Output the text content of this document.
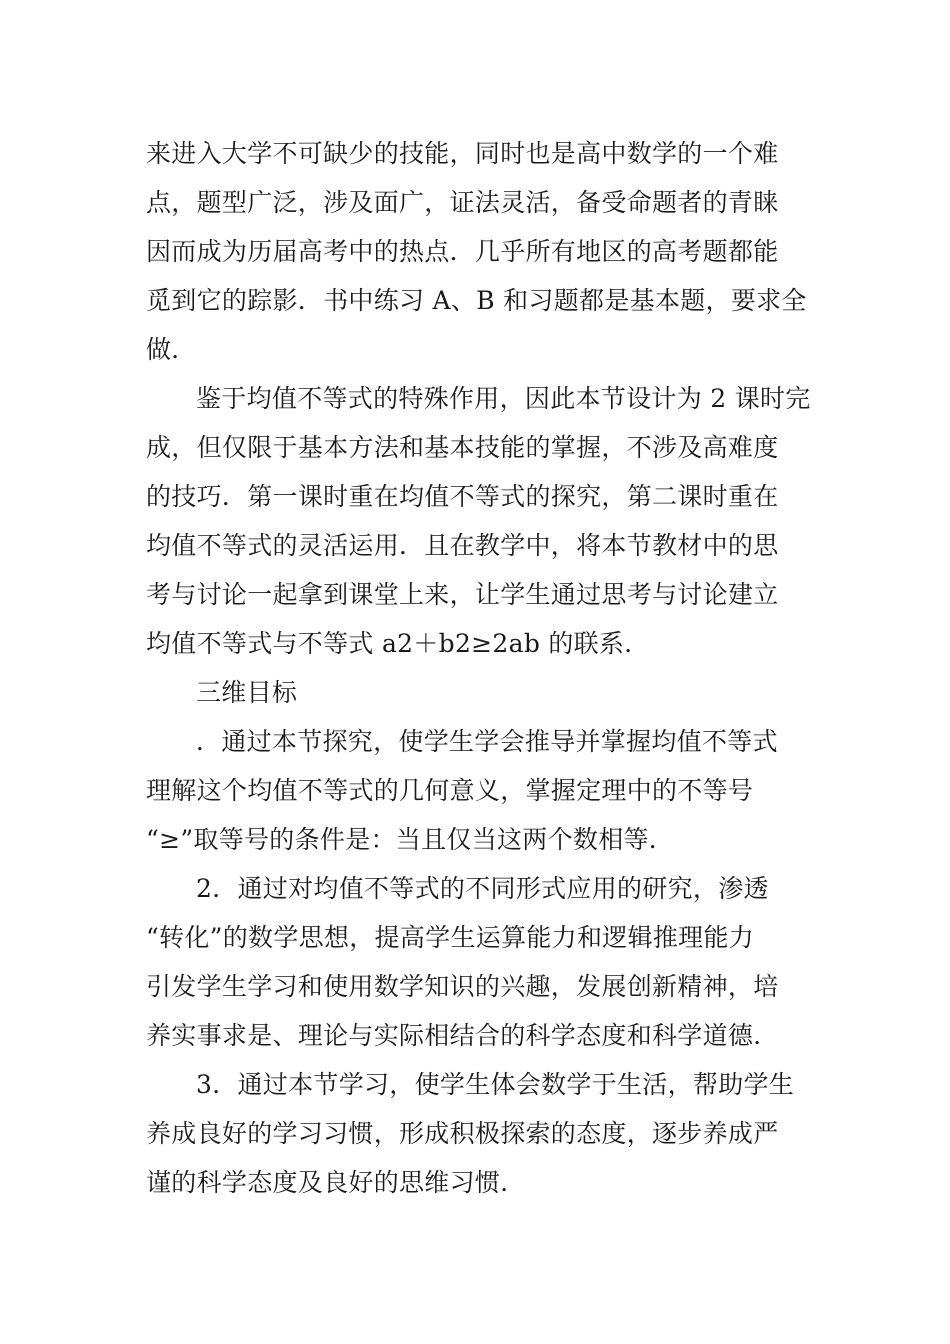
来进入大学不可缺少的技能，同时也是高中数学的一个难
点，题型广泛，涉及面广，证法灵活，备受命题者的青睐
因而成为历届高考中的热点．几乎所有地区的高考题都能
觅到它的踪影．书中练习 A、B 和习题都是基本题，要求全
做．
鉴于均值不等式的特殊作用，因此本节设计为 2 课时完
成，但仅限于基本方法和基本技能的掌握，不涉及高难度
的技巧．第一课时重在均值不等式的探究，第二课时重在
均值不等式的灵活运用．且在教学中，将本节教材中的思
考与讨论一起拿到课堂上来，让学生通过思考与讨论建立
均值不等式与不等式 a2＋b2≥2ab 的联系．
三维目标
．通过本节探究，使学生学会推导并掌握均值不等式
理解这个均值不等式的几何意义，掌握定理中的不等号
“≥”取等号的条件是：当且仅当这两个数相等．
2．通过对均值不等式的不同形式应用的研究，渗透
“转化”的数学思想，提高学生运算能力和逻辑推理能力
引发学生学习和使用数学知识的兴趣，发展创新精神，培
养实事求是、理论与实际相结合的科学态度和科学道德．
3．通过本节学习，使学生体会数学于生活，帮助学生
养成良好的学习习惯，形成积极探索的态度，逐步养成严
谨的科学态度及良好的思维习惯．
